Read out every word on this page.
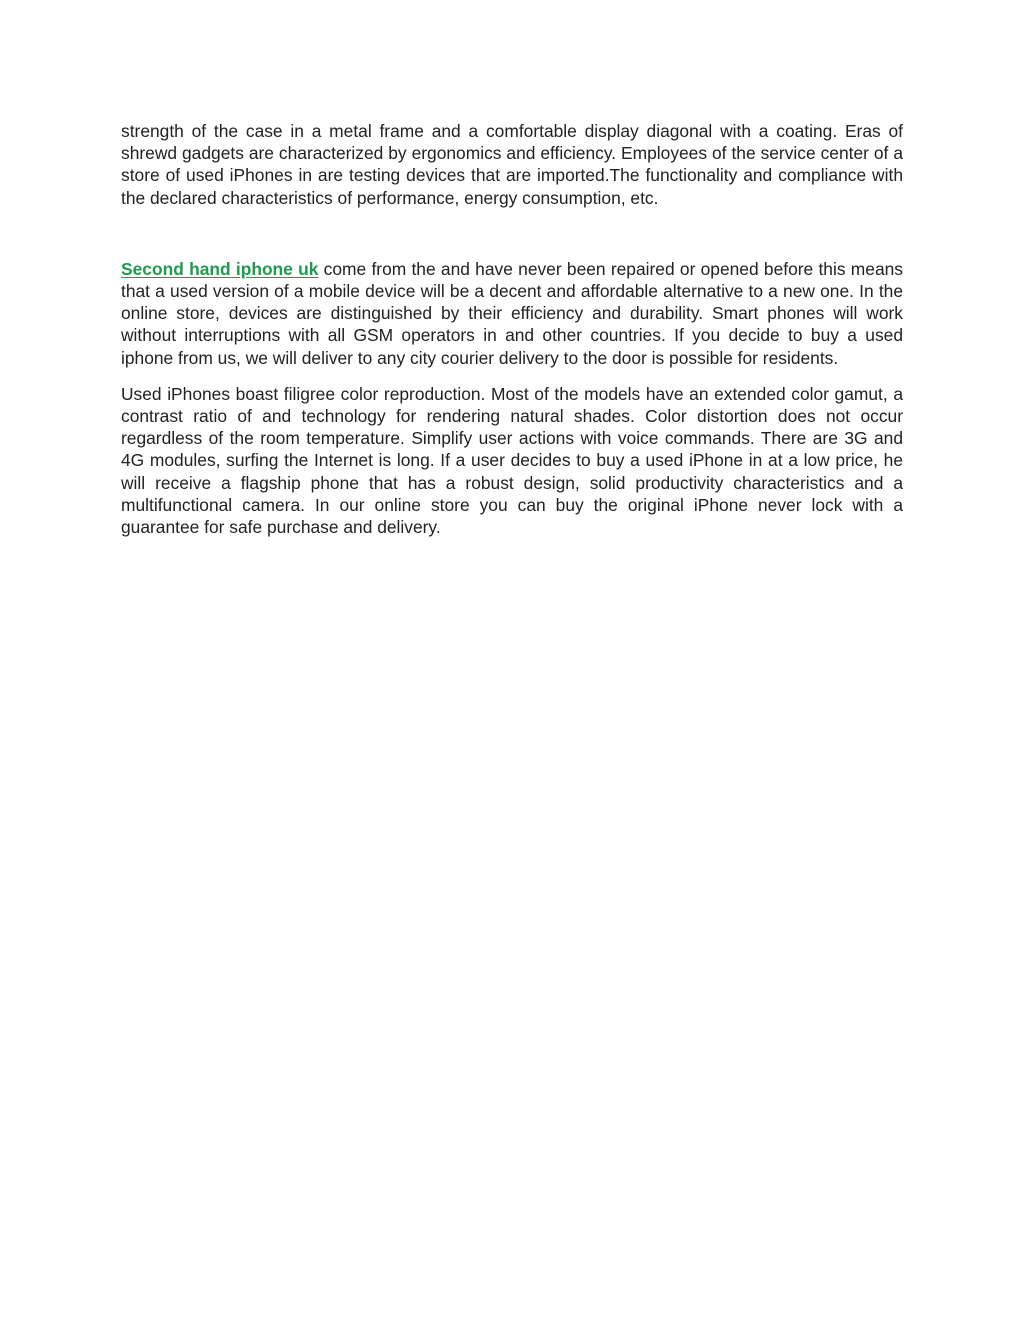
strength of the case in a metal frame and a comfortable display diagonal with a coating. Eras of shrewd gadgets are characterized by ergonomics and efficiency. Employees of the service center of a store of used iPhones in are testing devices that are imported.The functionality and compliance with the declared characteristics of performance, energy consumption, etc.

Second hand iphone uk come from the and have never been repaired or opened before this means that a used version of a mobile device will be a decent and affordable alternative to a new one. In the online store, devices are distinguished by their efficiency and durability. Smart phones will work without interruptions with all GSM operators in and other countries. If you decide to buy a used iphone from us, we will deliver to any city courier delivery to the door is possible for residents.

Used iPhones boast filigree color reproduction. Most of the models have an extended color gamut, a contrast ratio of and technology for rendering natural shades. Color distortion does not occur regardless of the room temperature. Simplify user actions with voice commands. There are 3G and 4G modules, surfing the Internet is long. If a user decides to buy a used iPhone in at a low price, he will receive a flagship phone that has a robust design, solid productivity characteristics and a multifunctional camera. In our online store you can buy the original iPhone never lock with a guarantee for safe purchase and delivery.
